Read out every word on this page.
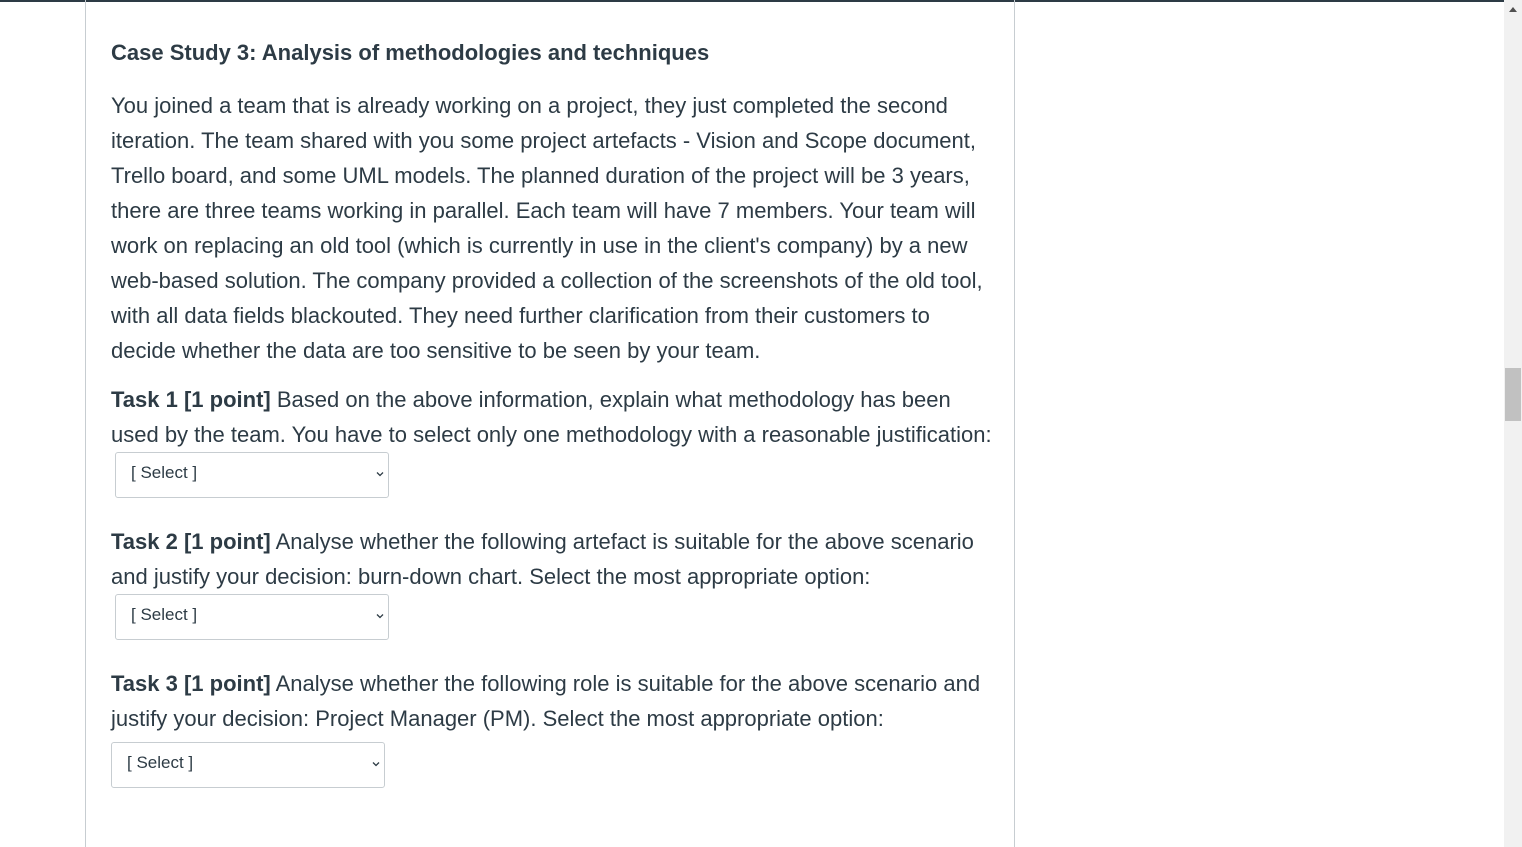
Case Study 3: Analysis of methodologies and techniques

You joined a team that is already working on a project, they just completed the second iteration. The team shared with you some project artefacts - Vision and Scope document, Trello board, and some UML models. The planned duration of the project will be 3 years, there are three teams working in parallel. Each team will have 7 members. Your team will work on replacing an old tool (which is currently in use in the client's company) by a new web-based solution. The company provided a collection of the screenshots of the old tool, with all data fields blackouted. They need further clarification from their customers to decide whether the data are too sensitive to be seen by your team.

Task 1 [1 point] Based on the above information, explain what methodology has been used by the team. You have to select only one methodology with a reasonable justification:
[ Select ]
Task 2 [1 point] Analyse whether the following artefact is suitable for the above scenario and justify your decision: burn-down chart. Select the most appropriate option:
[ Select ]
Task 3 [1 point] Analyse whether the following role is suitable for the above scenario and justify your decision: Project Manager (PM). Select the most appropriate option:
[ Select ]
